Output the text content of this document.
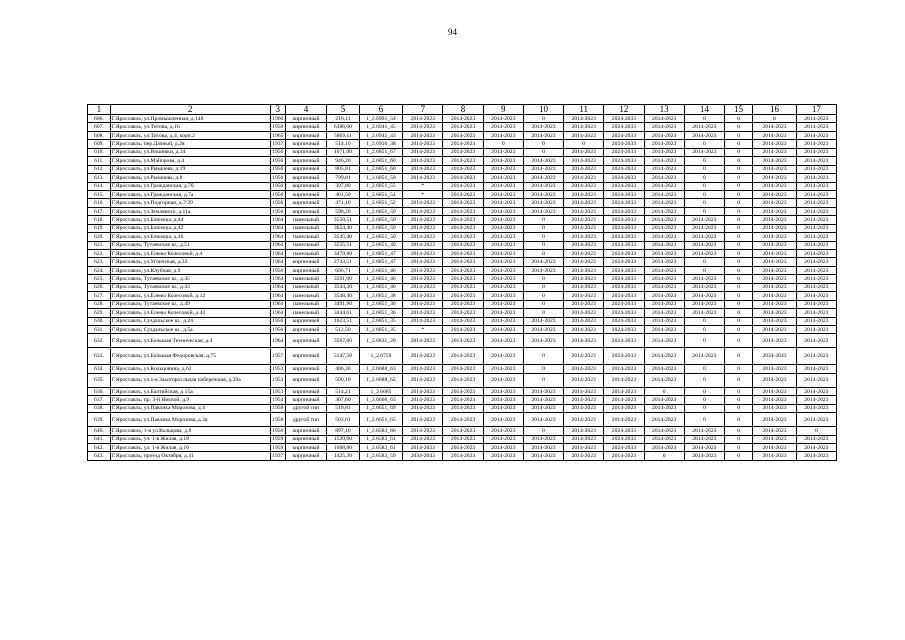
94
1	2	3	4	5	6	7	8	9	10	11	12	13	14	15	16	17
606.	Г.Ярославль, ул.Промышленная, д.148	1960	кирпичный	216,11	1_2.6991_54	2014-2023	2014-2023	2014-2023	0	2014-2023	2024-2033	2014-2023	0	0	0	2014-2023
607.	Г.Ярославль, ул.Титова, д.16	1958	кирпичный	6386,00	1_2.6941_45	2014-2023	2014-2023	2014-2023	2014-2023	2014-2023	2024-2033	2014-2023	2014-2023	0	2014-2023	2014-2023
608.	Г.Ярославль, ул.Титова, д.4, корп.2	1965	кирпичный	5869,11	1_2.6941_43	2014-2023	2014-2023	2014-2023	2014-2023	2014-2023	2024-2033	2014-2023	2014-2023	0	2014-2023	2014-2023
609.	Г.Ярославль, пер.Дачный, д.2в	1937	кирпичный	514,10	1_2.6916_38	2014-2023	2014-2023	0	0	0	2024-2033	2014-2023	0	0	2014-2023	2014-2023
610.	Г.Ярославль, ул.Вишняки, д.34	1956	кирпичный	1071,00	1_2.6851_67	2014-2023	2014-2023	2014-2023	0	2014-2023	2024-2033	2014-2023	2014-2023	0	2014-2023	2014-2023
611.	Г.Ярославль, ул.Майорова, д.4	1956	кирпичный	946,20	1_2.6851_60	2014-2023	2014-2023	2014-2023	2014-2023	2014-2023	2024-2033	2014-2023	0	0	2014-2023	2014-2023
612.	Г.Ярославль, ул.Рыкачева, д.19	1956	кирпичный	805,81	1_2.6851_60	2014-2023	2014-2023	2014-2023	2014-2023	2014-2023	2024-2033	2014-2023	0	0	2014-2023	2014-2023
613.	Г.Ярославль, ул.Рыкачева, д.8	1956	кирпичный	799,81	1_2.6851_59	2014-2023	2014-2023	2014-2023	2014-2023	2014-2023	2024-2033	2014-2023	0	0	2014-2023	2014-2023
614.	Г.Ярославль, ул.Гражданская, д.7б	1956	кирпичный	397,80	1_2.6851_55	*	2014-2023	2014-2023	2014-2023	2014-2023	2024-2033	2014-2023	0	0	2014-2023	2014-2023
615.	Г.Ярославль, ул.Гражданская, д.7а	1956	кирпичный	401,50	1_2.6851_54	*	2014-2023	2014-2023	2014-2023	2014-2023	2024-2033	2014-2023	0	0	2014-2023	2014-2023
616.	Г.Ярославль, ул.Подгорная, д.7/39	1956	кирпичный	471,10	1_2.6851_52	2014-2023	2014-2023	2014-2023	2014-2023	2014-2023	2024-2033	2014-2023	0	0	2014-2023	2014-2023
617.	Г.Ярославль, ул.Земляного, д.11а	1956	кирпичный	598,20	1_2.6851_50	2014-2023	2014-2023	2014-2023	2014-2023	2014-2023	2024-2033	2014-2023	0	0	2014-2023	2014-2023
618.	Г.Ярославль, ул.Блюхера, д.44	1964	панельный	3550,51	1_2.6851_50	2014-2023	2014-2023	2014-2023	0	2014-2023	2024-2033	2014-2023	2014-2023	0	2014-2023	2014-2023
619.	Г.Ярославль, ул.Блюхера, д.42	1964	панельный	3654,40	1_2.6851_50	2014-2023	2014-2023	2014-2023	0	2014-2023	2024-2033	2014-2023	2014-2023	0	2014-2023	2014-2023
620.	Г.Ярославль, ул.Блюхера, д.46	1964	панельный	3545,40	1_2.6851_50	2014-2023	2014-2023	2014-2023	0	2014-2023	2024-2033	2014-2023	2014-2023	0	2014-2023	2014-2023
621.	Г.Ярославль, Тутаевское ш., д.51	1964	панельный	3555,51	1_2.6851_49	2014-2023	2014-2023	2014-2023	0	2014-2023	2024-2033	2014-2023	2014-2023	0	2014-2023	2014-2023
622.	Г.Ярославль, ул.Елены Колесовой, д.4	1964	панельный	3479,80	1_2.6851_47	2014-2023	2014-2023	2014-2023	0	2014-2023	2024-2033	2014-2023	2014-2023	0	2014-2023	2014-2023
623.	Г.Ярославль, ул.Угличская, д.32	1964	кирпичный	2743,51	1_2.6851_47	2014-2023	2014-2023	2014-2023	2014-2023	2014-2023	2024-2033	2014-2023	0	0	2014-2023	2014-2023
624.	Г.Ярославль, ул.Клубная, д.9	1956	кирпичный	606,71	1_2.6851_46	2014-2023	2014-2023	2014-2023	2014-2023	2014-2023	2024-2033	2014-2023	0	0	2014-2023	2014-2023
625.	Г.Ярославль, Тутаевское ш., д.45	1964	панельный	3591,00	1_2.6851_46	2014-2023	2014-2023	2014-2023	0	2014-2023	2024-2033	2014-2023	2014-2023	0	2014-2023	2014-2023
626.	Г.Ярославль, Тутаевское ш., д.43	1964	панельный	3544,30	1_2.6851_40	2014-2023	2014-2023	2014-2023	0	2014-2023	2024-2033	2014-2023	2014-2023	0	2014-2023	2014-2023
627.	Г.Ярославль, ул.Елены Колесовой, д.12	1964	панельный	3548,40	1_2.6851_38	2014-2023	2014-2023	2014-2023	0	2014-2023	2024-2033	2014-2023	2014-2023	0	2014-2023	2014-2023
628.	Г.Ярославль, Тутаевское ш., д.49	1964	панельный	3491,90	1_2.6851_36	2014-2023	2014-2023	2014-2023	0	2014-2023	2024-2033	2014-2023	2014-2023	0	2014-2023	2014-2023
629.	Г.Ярославль, ул.Елены Колесовой, д.42	1964	панельный	3444,61	1_2.6851_36	2014-2023	2014-2023	2014-2023	0	2014-2023	2024-2033	2014-2023	2014-2023	0	2014-2023	2014-2023
630.	Г.Ярославль, Суздальское ш., д.24	1956	кирпичный	1623,51	1_2.6851_35	2014-2023	2014-2023	2014-2023	2014-2023	2014-2023	2024-2033	2014-2023	0	0	2014-2023	2014-2023
631.	Г.Ярославль, Суздальское ш., д.5а	1956	кирпичный	512,50	1_2.6851_35	*	2014-2023	2014-2023	2014-2023	2014-2023	2024-2033	2014-2023	0	0	2014-2023	2014-2023
632.	Г.Ярославль, ул.Большая Техническая, д.4	1964	кирпичный	3567,80	1_2.6831_20	2014-2023	2014-2023	2014-2023	2014-2023	2014-2023	2024-2033	2014-2023	0	0	2014-2023	2014-2023
633.	Г.Ярославль, ул.Большая Федоровская, д.75	1957	кирпичный	5147,50	1_2.6759	2014-2023	2014-2023	2014-2023	0	2014-2023	2024-2033	2014-2023	2014-2023	0	2034-2043	2014-2023
634.	Г.Ярославль, ул.Кольцовина, д.62	1953	кирпичный	406,30	1_2.6688_63	2014-2023	2014-2023	2014-2023	0	2014-2023	2014-2023	2014-2023	0	0	2014-2023	2014-2023
635.	Г.Ярославль, ул.1-я Закоторосльная набережная, д.39а	1953	кирпичный	500,10	1_2.6688_62	2014-2023	2014-2023	2014-2023	0	2014-2023	2014-2023	2014-2023	0	0	2014-2023	2014-2023
636.	Г.Ярославль, ул.Балтийская, д.15а	1953	кирпичный	514,21	1_2.6685	2014-2023	2014-2023	2014-2023	2014-2023	2014-2023	2014-2023	0	0	0	2014-2023	2014-2023
637.	Г.Ярославль, пр. 3-й Ямской, д.9	1954	кирпичный	307,60	1_2.6666_63	2014-2023	2014-2023	2014-2023	2014-2023	2014-2023	2014-2023	2014-2023	0	0	2014-2023	2014-2023
638.	Г.Ярославль, ул.Павлика Морозова, д.4	1958	другой тип	519,81	1_2.6651_69	2014-2023	2014-2023	2014-2023	2014-2023	2014-2023	2014-2023	2014-2023	0	0	2014-2023	2014-2023
639.	Г.Ярославль, ул.Павлика Морозова, д.3а	1958	другой тип	503,61	1_2.6651_65	2014-2023	2014-2023	2014-2023	2014-2023	2014-2023	2014-2023	2014-2023	0	0	2014-2023	2014-2023
640.	Г.Ярославль, 1-я ул.Кольцова, д.8	1956	кирпичный	897,10	1_2.6583_66	2014-2023	2014-2023	2014-2023	0	2014-2023	2024-2033	2014-2023	2014-2023	0	2014-2023	0
641.	Г.Ярославль, ул. 1-я Жилая, д.18	1959	кирпичный	1520,90	1_2.6583_61	2014-2023	2014-2023	2014-2023	2014-2023	2014-2023	2024-2033	2014-2023	2014-2023	0	2014-2023	2014-2023
642.	Г.Ярославль, ул. 1-я Жилая, д.16	1959	кирпичный	1608,80	1_2.6583_61	2014-2023	2014-2023	2014-2023	2014-2023	2014-2023	2024-2033	2014-2023	2014-2023	0	2014-2023	2014-2023
643.	Г.Ярославль, проезд Октября, д.41	1937	кирпичный	1425,30	1_2.6583_59	2034-2043	2014-2023	2014-2023	2014-2023	2014-2023	2014-2023	0	2014-2023	0	2014-2023	2014-2023
